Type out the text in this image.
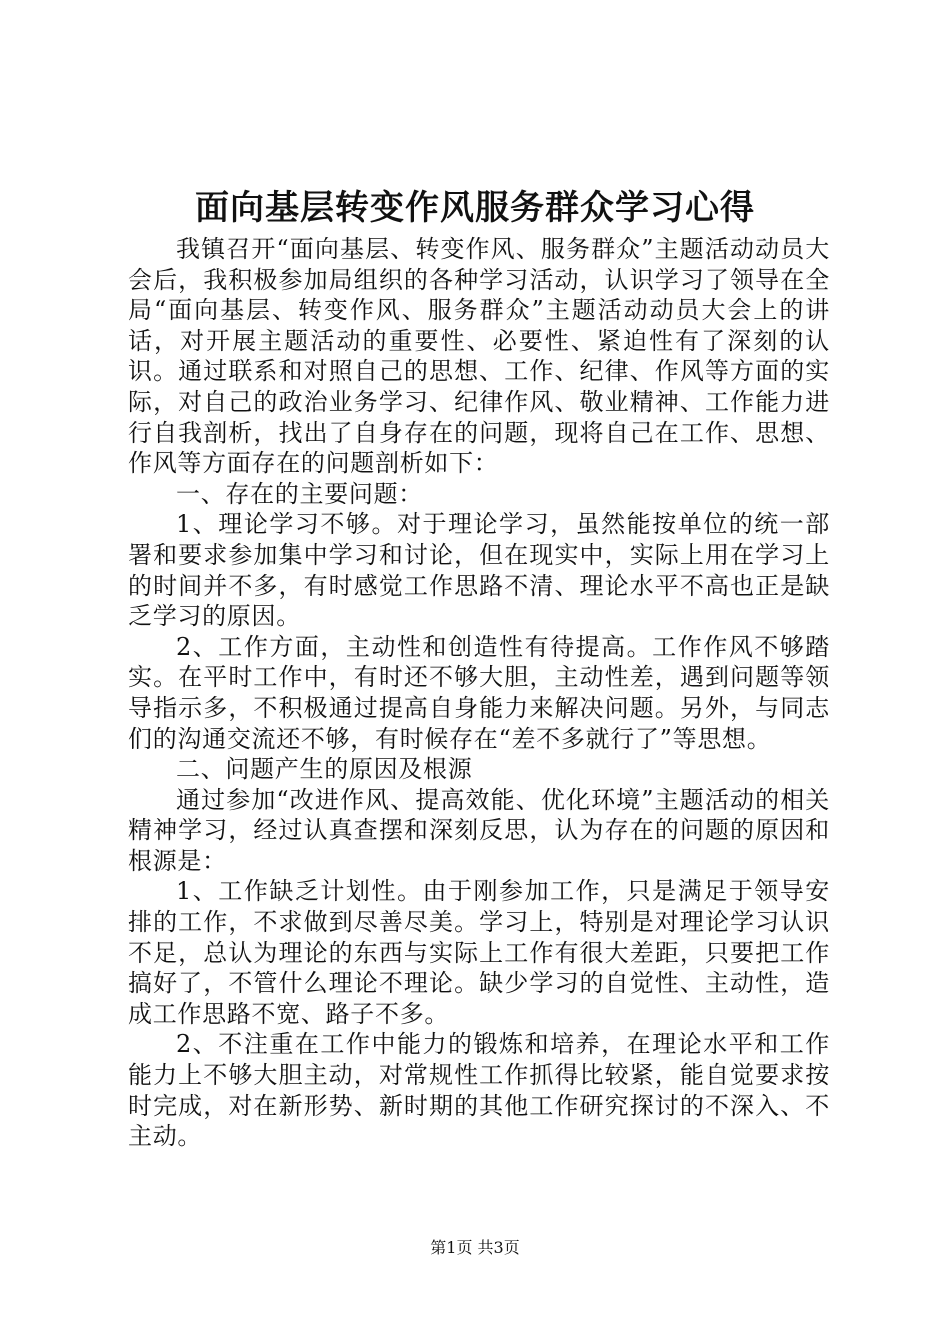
面向基层转变作风服务群众学习心得

我镇召开“面向基层、转变作风、服务群众”主题活动动员大会后，我积极参加局组织的各种学习活动，认识学习了领导在全局“面向基层、转变作风、服务群众”主题活动动员大会上的讲话，对开展主题活动的重要性、必要性、紧迫性有了深刻的认识。通过联系和对照自己的思想、工作、纪律、作风等方面的实际，对自己的政治业务学习、纪律作风、敬业精神、工作能力进行自我剖析，找出了自身存在的问题，现将自己在工作、思想、作风等方面存在的问题剖析如下：

一、存在的主要问题：

1、理论学习不够。对于理论学习，虽然能按单位的统一部署和要求参加集中学习和讨论，但在现实中，实际上用在学习上的时间并不多，有时感觉工作思路不清、理论水平不高也正是缺乏学习的原因。

2、工作方面，主动性和创造性有待提高。工作作风不够踏实。在平时工作中，有时还不够大胆，主动性差，遇到问题等领导指示多，不积极通过提高自身能力来解决问题。另外，与同志们的沟通交流还不够，有时候存在“差不多就行了”等思想。

二、问题产生的原因及根源

通过参加“改进作风、提高效能、优化环境”主题活动的相关精神学习，经过认真查摆和深刻反思，认为存在的问题的原因和根源是：

1、工作缺乏计划性。由于刚参加工作，只是满足于领导安排的工作，不求做到尽善尽美。学习上，特别是对理论学习认识不足，总认为理论的东西与实际上工作有很大差距，只要把工作搞好了，不管什么理论不理论。缺少学习的自觉性、主动性，造成工作思路不宽、路子不多。

2、不注重在工作中能力的锻炼和培养，在理论水平和工作能力上不够大胆主动，对常规性工作抓得比较紧，能自觉要求按时完成，对在新形势、新时期的其他工作研究探讨的不深入、不主动。

第1页 共3页
